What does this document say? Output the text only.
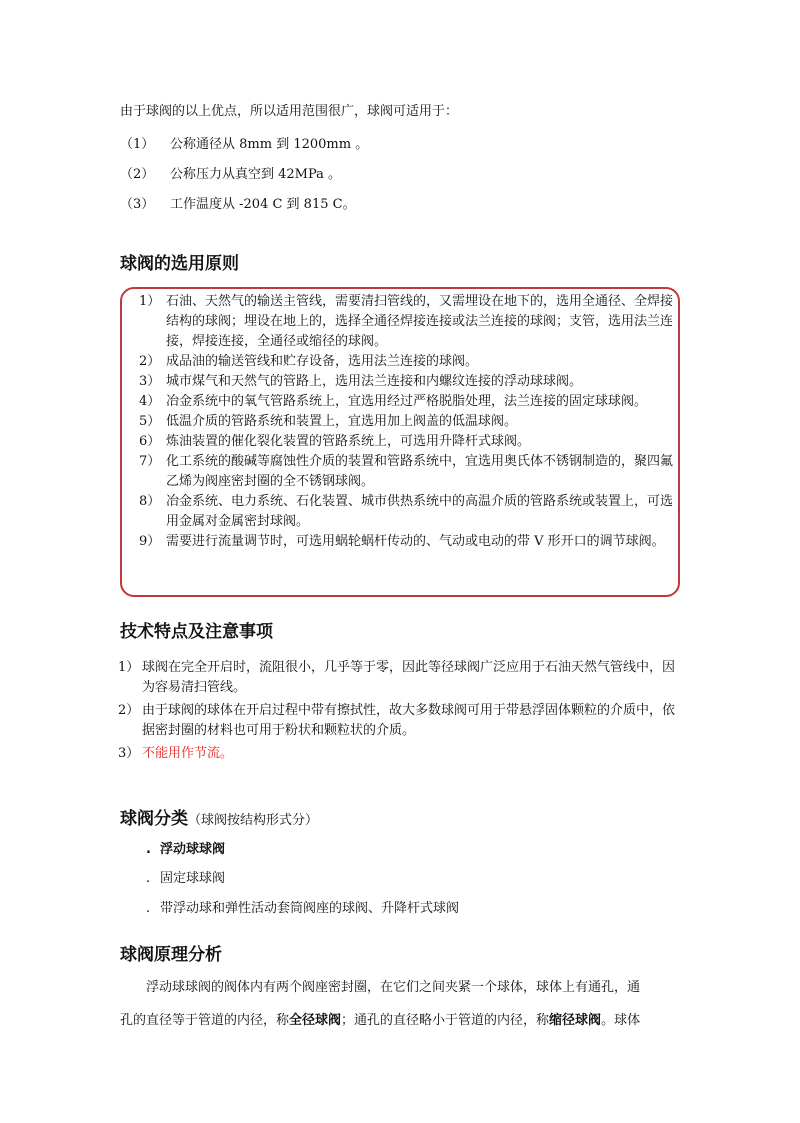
由于球阀的以上优点，所以适用范围很广，球阀可适用于：
（1） 公称通径从 8mm 到 1200mm 。
（2） 公称压力从真空到 42MPa 。
（3） 工作温度从 -204 C 到 815 C。
球阀的选用原则
1） 石油、天然气的输送主管线，需要清扫管线的，又需埋设在地下的，选用全通径、全焊接结构的球阀；埋设在地上的，选择全通径焊接连接或法兰连接的球阀；支管，选用法兰连接，焊接连接，全通径或缩径的球阀。
2） 成品油的输送管线和贮存设备，选用法兰连接的球阀。
3） 城市煤气和天然气的管路上，选用法兰连接和内螺纹连接的浮动球球阀。
4） 冶金系统中的氧气管路系统上，宜选用经过严格脱脂处理，法兰连接的固定球球阀。
5） 低温介质的管路系统和装置上，宜选用加上阀盖的低温球阀。
6） 炼油装置的催化裂化装置的管路系统上，可选用升降杆式球阀。
7） 化工系统的酸碱等腐蚀性介质的装置和管路系统中，宜选用奥氏体不锈钢制造的，聚四氟乙烯为阀座密封圈的全不锈钢球阀。
8） 冶金系统、电力系统、石化装置、城市供热系统中的高温介质的管路系统或装置上，可选用金属对金属密封球阀。
9） 需要进行流量调节时，可选用蜗轮蜗杆传动的、气动或电动的带 V 形开口的调节球阀。
技术特点及注意事项
1） 球阀在完全开启时，流阻很小，几乎等于零，因此等径球阀广泛应用于石油天然气管线中，因为容易清扫管线。
2） 由于球阀的球体在开启过程中带有擦拭性，故大多数球阀可用于带悬浮固体颗粒的介质中，依据密封圈的材料也可用于粉状和颗粒状的介质。
3） 不能用作节流。
球阀分类（球阀按结构形式分）
. 浮动球球阀
. 固定球球阀
. 带浮动球和弹性活动套筒阀座的球阀、升降杆式球阀
球阀原理分析
浮动球球阀的阀体内有两个阀座密封圈，在它们之间夹紧一个球体，球体上有通孔，通
孔的直径等于管道的内径，称全径球阀；通孔的直径略小于管道的内径，称缩径球阀。球体
